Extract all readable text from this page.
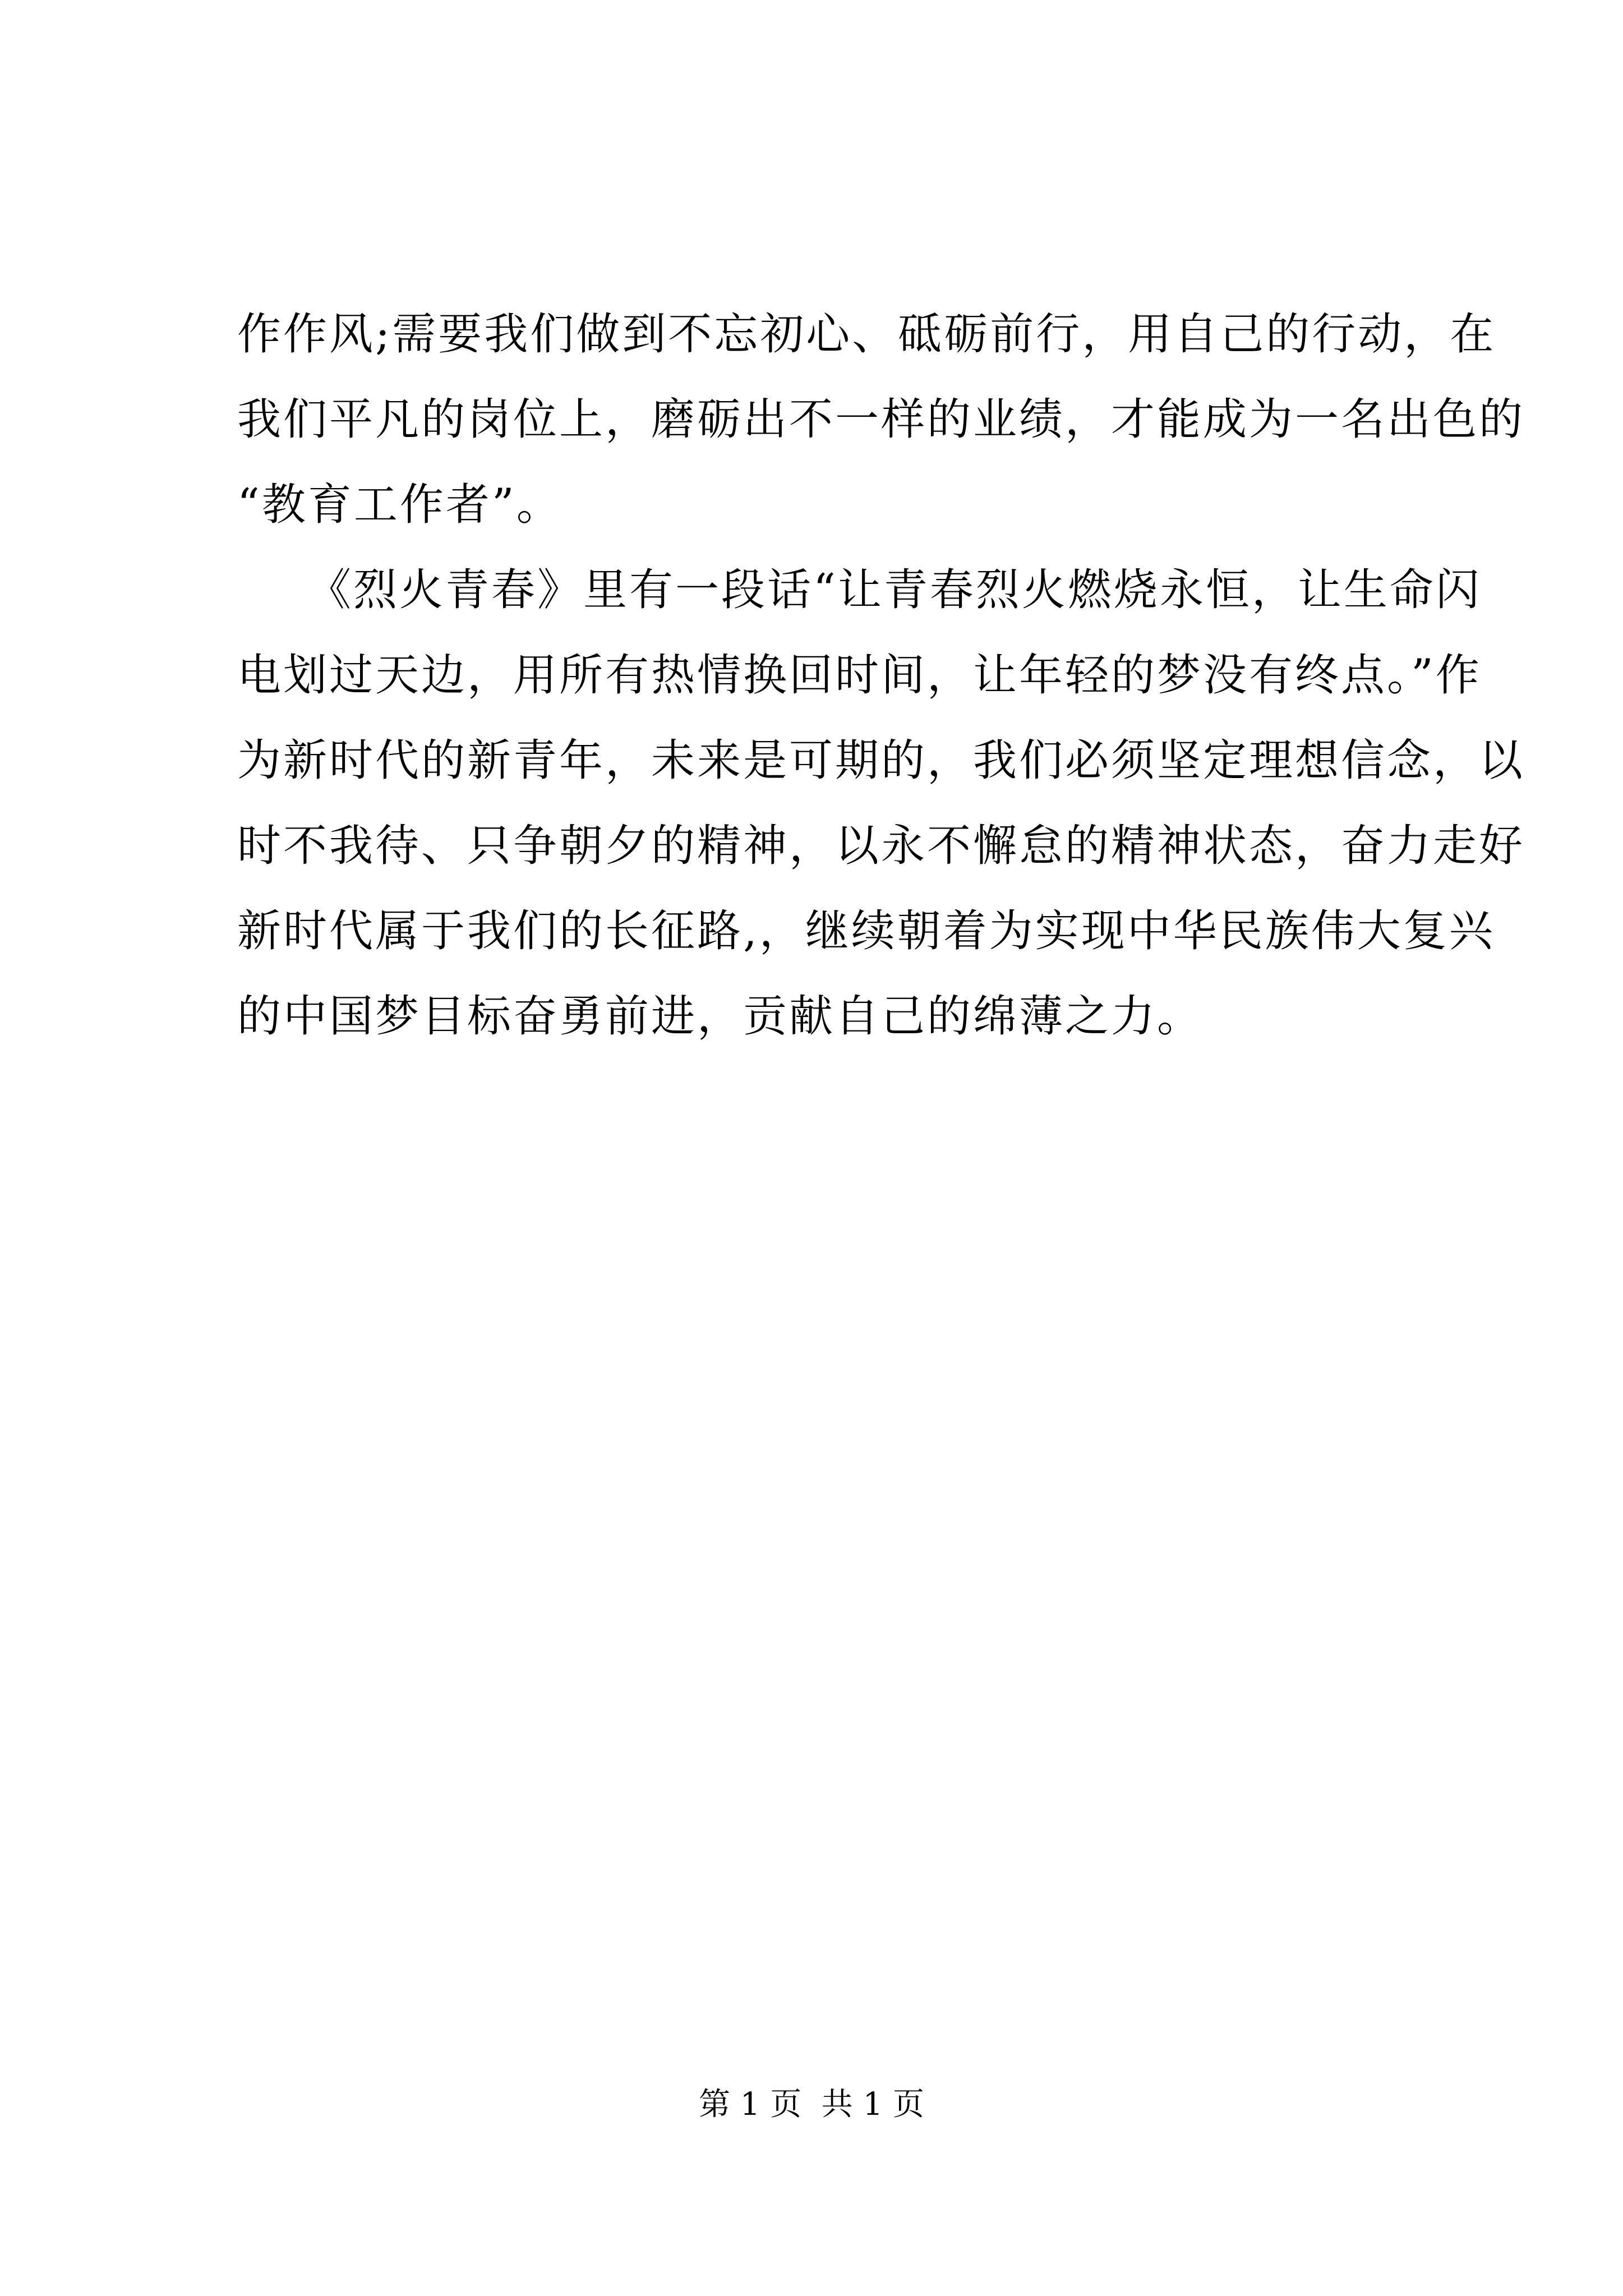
作作风;需要我们做到不忘初心、砥砺前行，用自己的行动，在
我们平凡的岗位上，磨砺出不一样的业绩，才能成为一名出色的
“教育工作者”。
　　《烈火青春》里有一段话“让青春烈火燃烧永恒，让生命闪
电划过天边，用所有热情换回时间，让年轻的梦没有终点。”作
为新时代的新青年，未来是可期的，我们必须坚定理想信念，以
时不我待、只争朝夕的精神，以永不懈怠的精神状态，奋力走好
新时代属于我们的长征路,，继续朝着为实现中华民族伟大复兴
的中国梦目标奋勇前进，贡献自己的绵薄之力。
第 1 页  共 1 页
